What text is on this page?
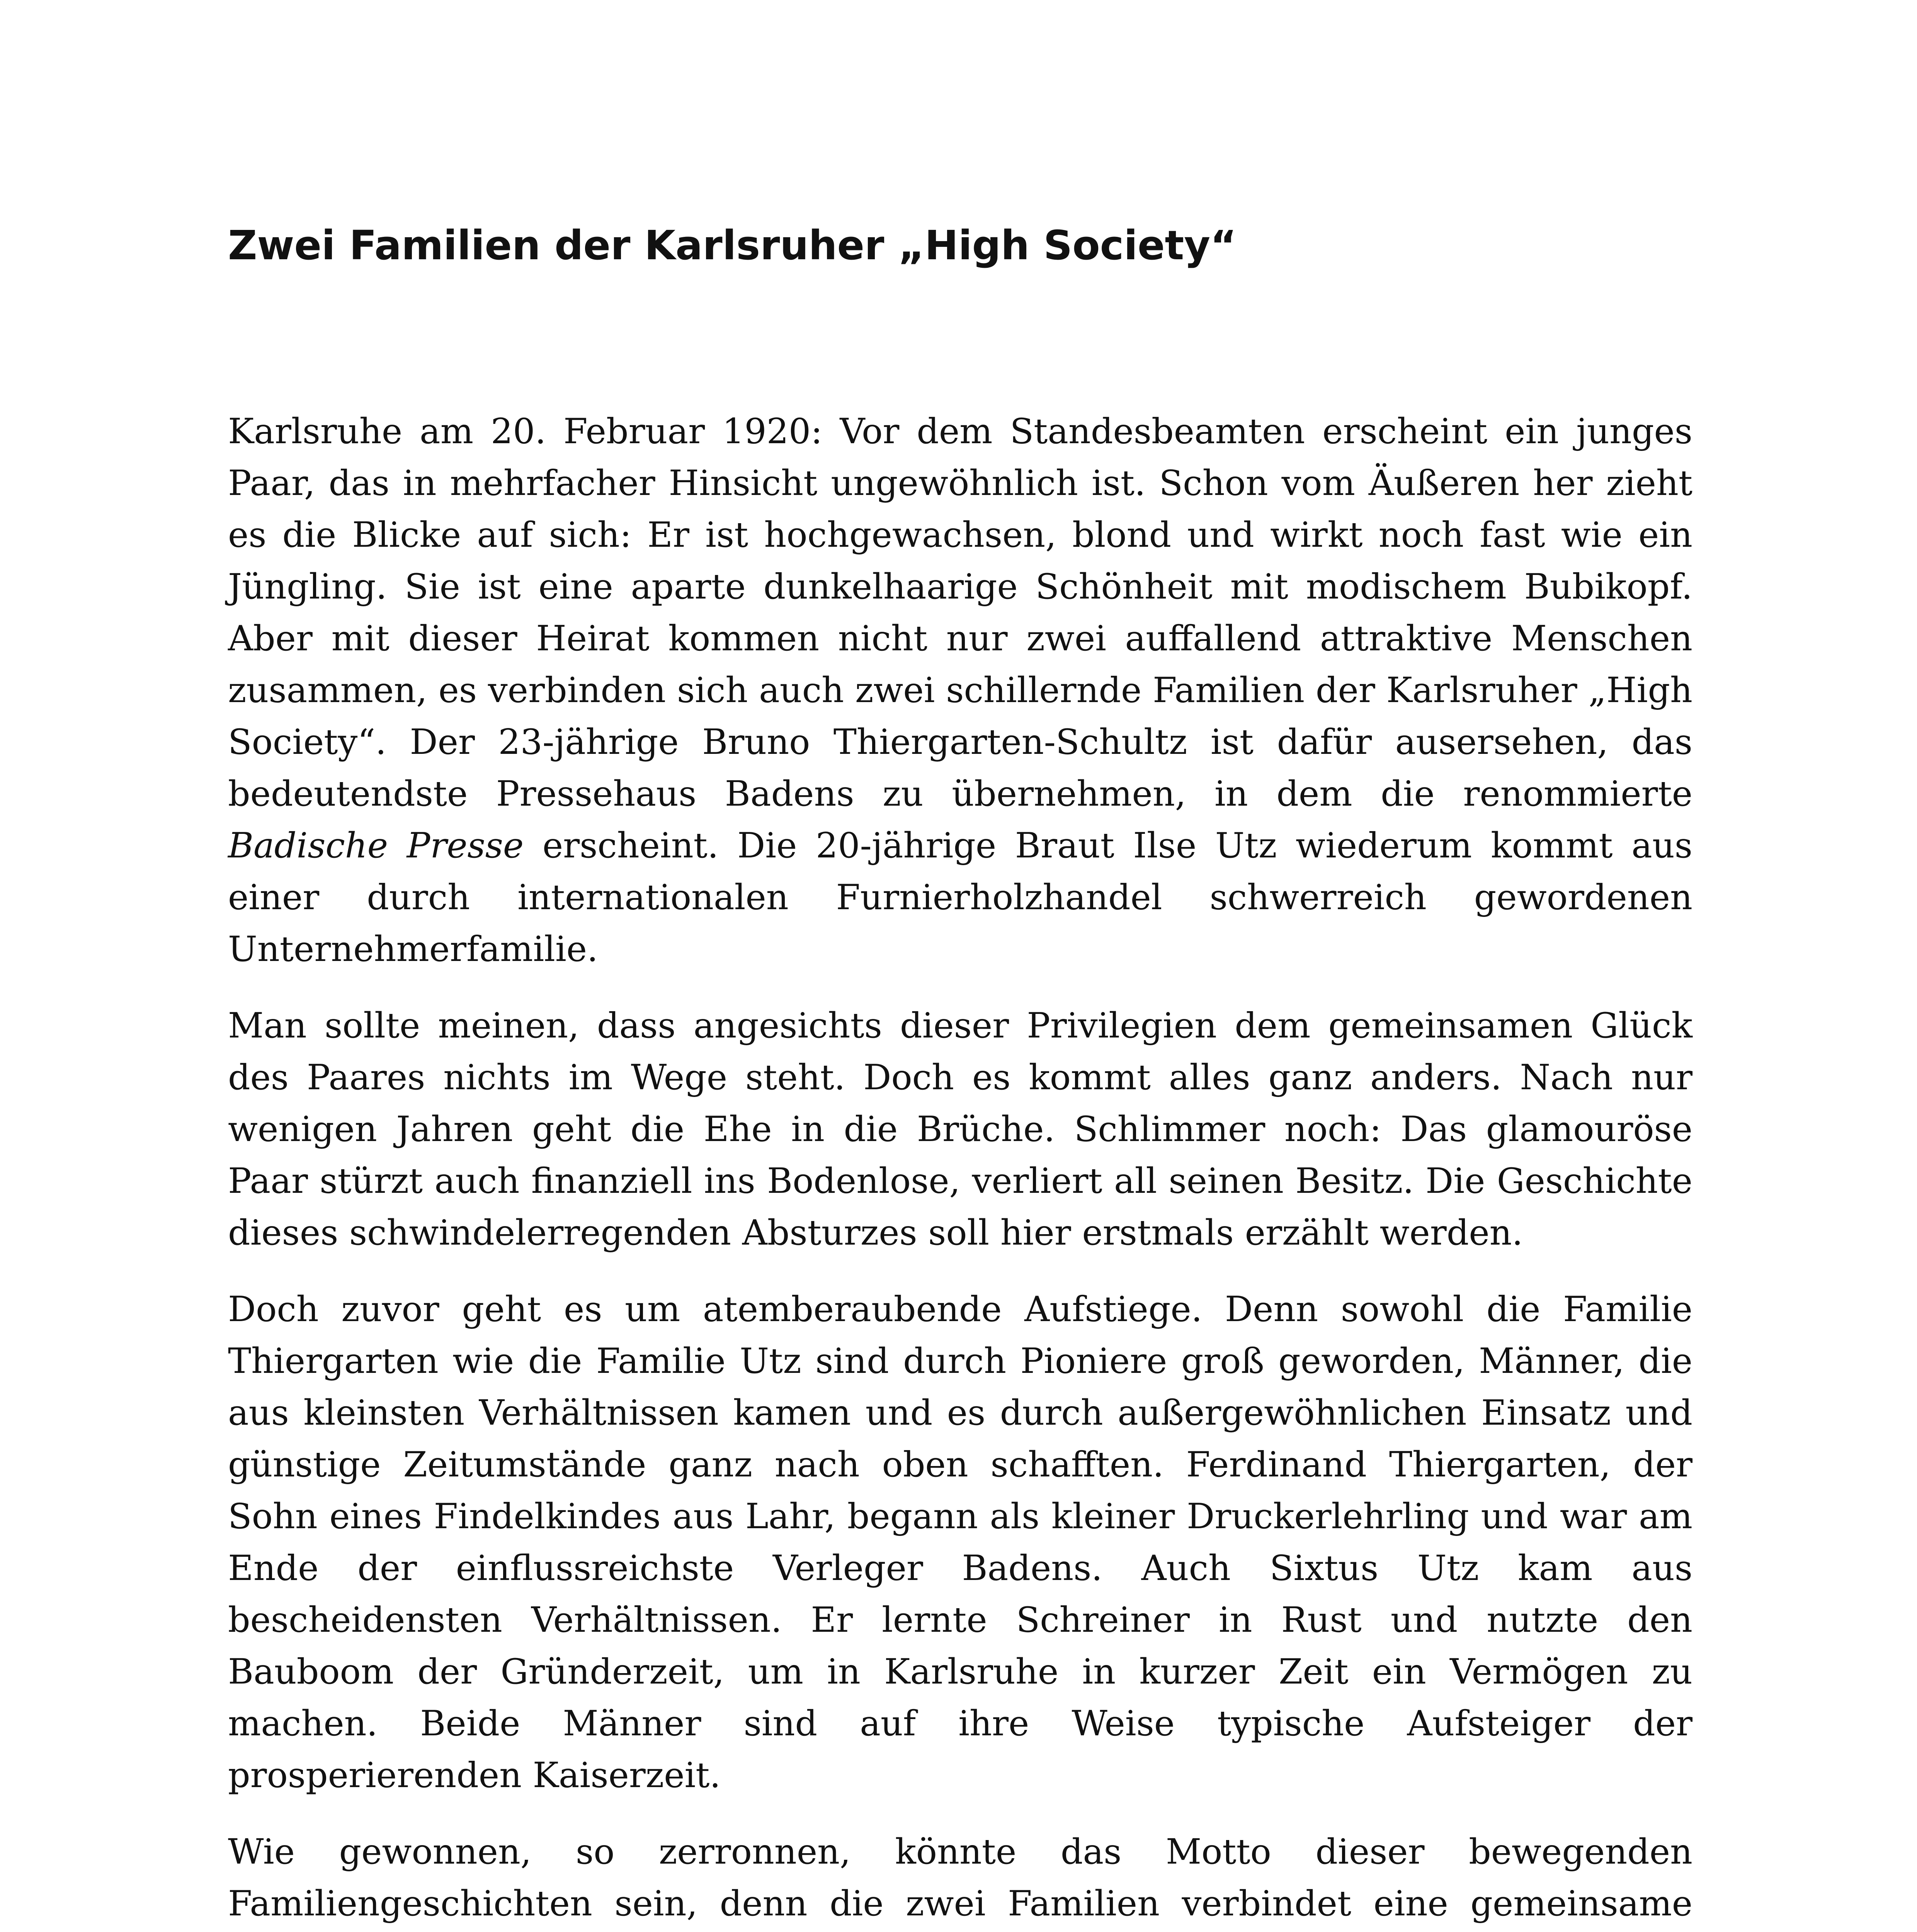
Zwei Familien der Karlsruher „High Society“

Karlsruhe am 20. Februar 1920: Vor dem Standesbeamten erscheint ein junges Paar, das in mehrfacher Hinsicht ungewöhnlich ist. Schon vom Äußeren her zieht es die Blicke auf sich: Er ist hochgewachsen, blond und wirkt noch fast wie ein Jüngling. Sie ist eine aparte dunkelhaarige Schönheit mit modischem Bubikopf. Aber mit dieser Heirat kommen nicht nur zwei auffallend attraktive Menschen zusammen, es verbinden sich auch zwei schillernde Familien der Karlsruher „High Society“. Der 23-jährige Bruno Thiergarten-Schultz ist dafür ausersehen, das bedeutendste Pressehaus Badens zu übernehmen, in dem die renommierte Badische Presse erscheint. Die 20-jährige Braut Ilse Utz wiederum kommt aus einer durch internationalen Furnierholzhandel schwerreich gewordenen Unternehmerfamilie.

Man sollte meinen, dass angesichts dieser Privilegien dem gemeinsamen Glück des Paares nichts im Wege steht. Doch es kommt alles ganz anders. Nach nur wenigen Jahren geht die Ehe in die Brüche. Schlimmer noch: Das glamouröse Paar stürzt auch finanziell ins Bodenlose, verliert all seinen Besitz. Die Geschichte dieses schwindelerregenden Absturzes soll hier erstmals erzählt werden.

Doch zuvor geht es um atemberaubende Aufstiege. Denn sowohl die Familie Thiergarten wie die Familie Utz sind durch Pioniere groß geworden, Männer, die aus kleinsten Verhältnissen kamen und es durch außergewöhnlichen Einsatz und günstige Zeitumstände ganz nach oben schafften. Ferdinand Thiergarten, der Sohn eines Findelkindes aus Lahr, begann als kleiner Druckerlehrling und war am Ende der einflussreichste Verleger Badens. Auch Sixtus Utz kam aus bescheidensten Verhältnissen. Er lernte Schreiner in Rust und nutzte den Bauboom der Gründerzeit, um in Karlsruhe in kurzer Zeit ein Vermögen zu machen. Beide Männer sind auf ihre Weise typische Aufsteiger der prosperierenden Kaiserzeit.

Wie gewonnen, so zerronnen, könnte das Motto dieser bewegenden Familiengeschichten sein, denn die zwei Familien verbindet eine gemeinsame
